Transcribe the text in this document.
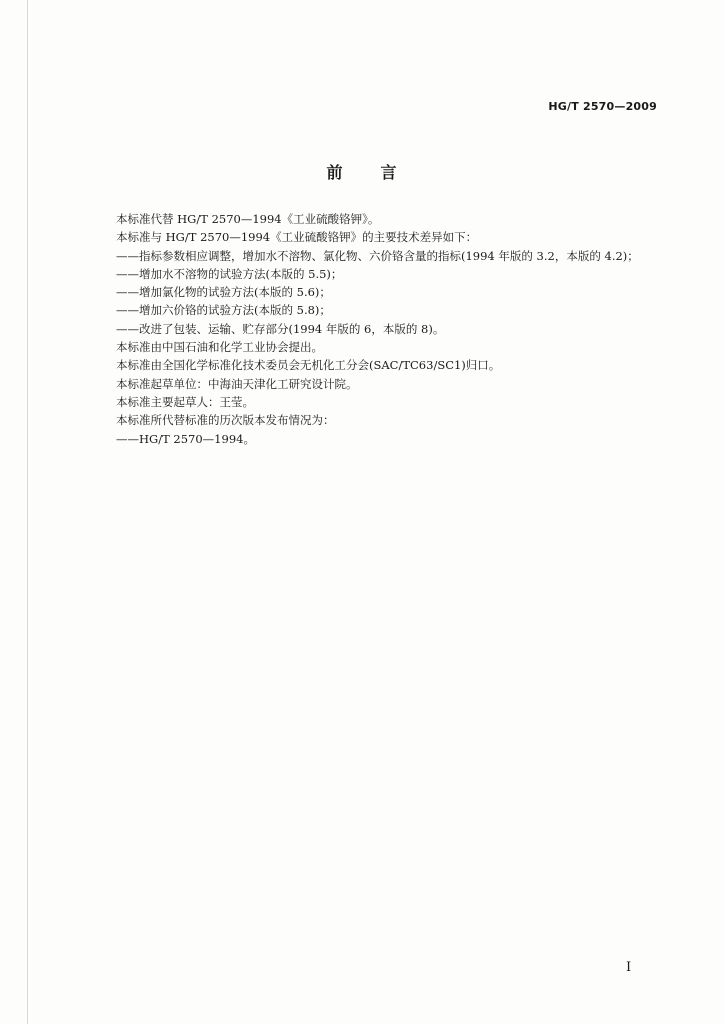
HG/T 2570—2009
前 言
本标准代替 HG/T 2570—1994《工业硫酸铬钾》。
本标准与 HG/T 2570—1994《工业硫酸铬钾》的主要技术差异如下：
——指标参数相应调整，增加水不溶物、氯化物、六价铬含量的指标(1994 年版的 3.2，本版的 4.2)；
——增加水不溶物的试验方法(本版的 5.5)；
——增加氯化物的试验方法(本版的 5.6)；
——增加六价铬的试验方法(本版的 5.8)；
——改进了包装、运输、贮存部分(1994 年版的 6，本版的 8)。
本标准由中国石油和化学工业协会提出。
本标准由全国化学标准化技术委员会无机化工分会(SAC/TC63/SC1)归口。
本标准起草单位：中海油天津化工研究设计院。
本标准主要起草人：王莹。
本标准所代替标准的历次版本发布情况为：
——HG/T 2570—1994。
I
